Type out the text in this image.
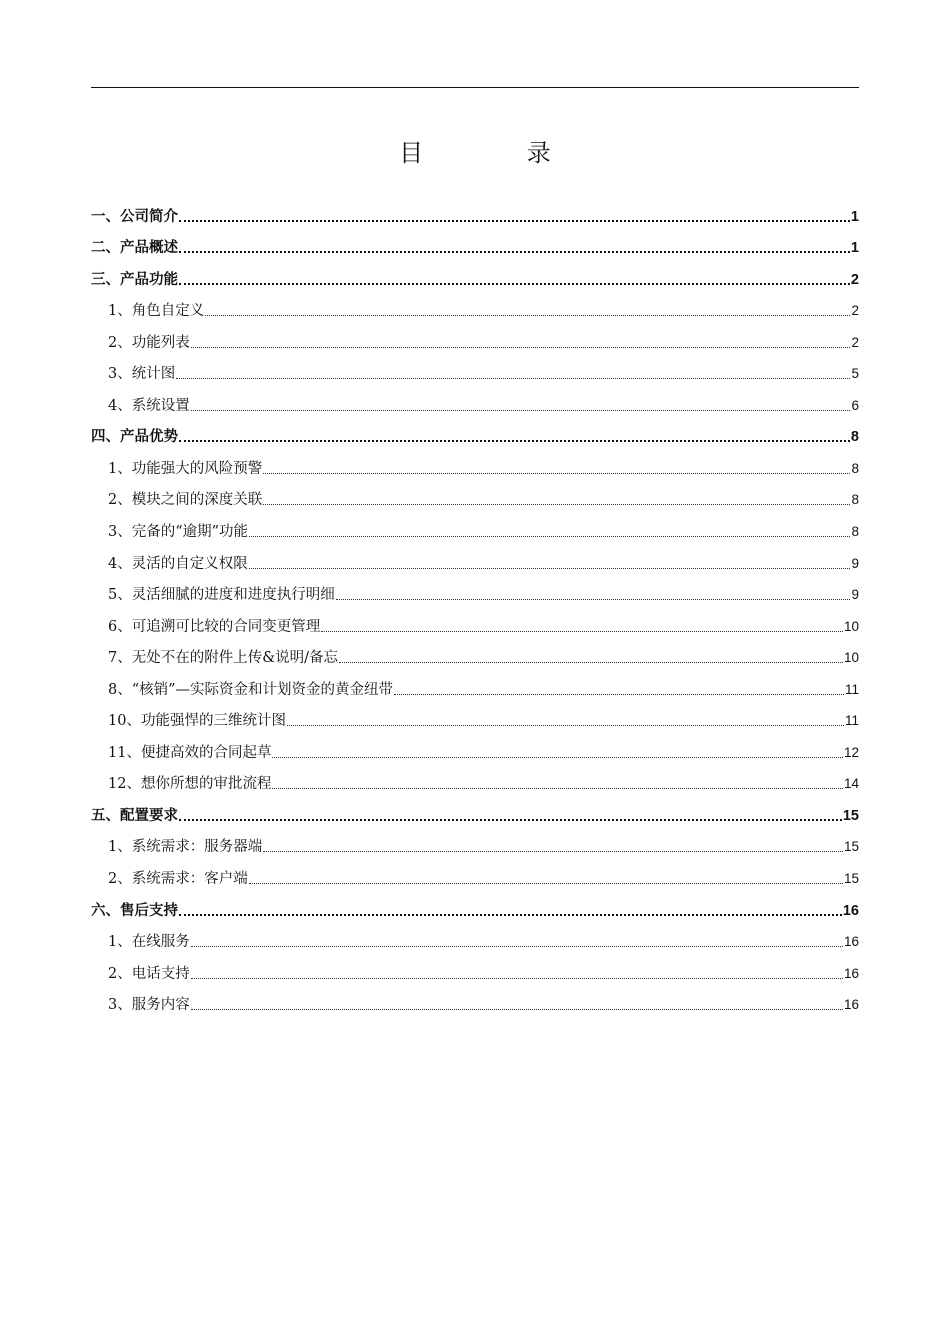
目 录
一、公司简介	1
二、产品概述	1
三、产品功能	2
1、角色自定义	2
2、功能列表	2
3、统计图	5
4、系统设置	6
四、产品优势	8
1、功能强大的风险预警	8
2、模块之间的深度关联	8
3、完备的“逾期”功能	8
4、灵活的自定义权限	9
5、灵活细腻的进度和进度执行明细	9
6、可追溯可比较的合同变更管理	10
7、无处不在的附件上传&说明/备忘	10
8、“核销”—实际资金和计划资金的黄金纽带	11
10、功能强悍的三维统计图	11
11、便捷高效的合同起草	12
12、想你所想的审批流程	14
五、配置要求	15
1、系统需求：服务器端	15
2、系统需求：客户端	15
六、售后支持	16
1、在线服务	16
2、电话支持	16
3、服务内容	16
